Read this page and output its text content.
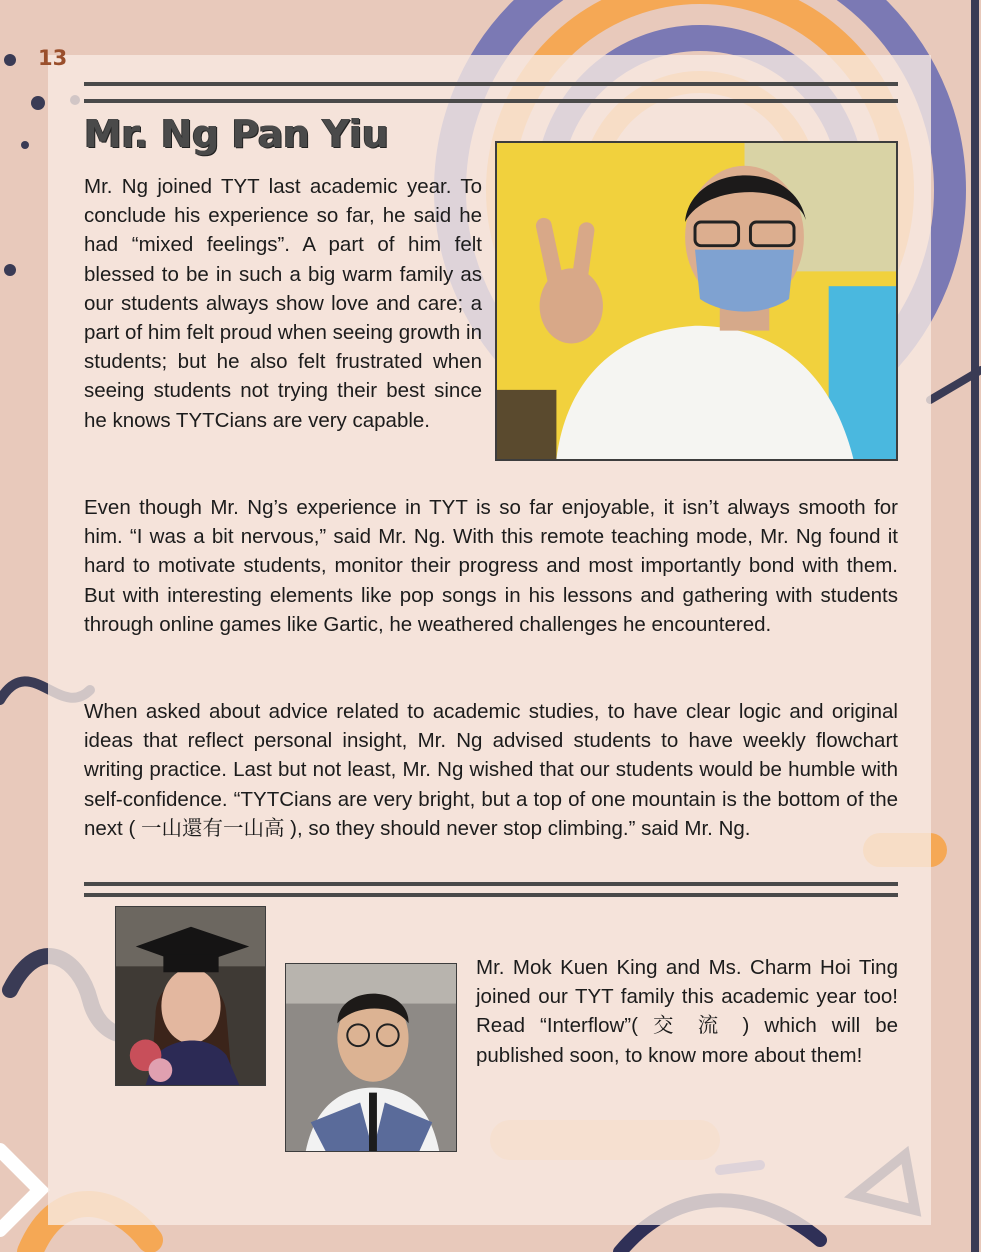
13
Mr. Ng Pan Yiu

Mr. Ng joined TYT last academic year. To conclude his experience so far, he said he had “mixed feelings”. A part of him felt blessed to be in such a big warm family as our students always show love and care; a part of him felt proud when seeing growth in students; but he also felt frustrated when seeing students not trying their best since he knows TYTCians are very capable.

Even though Mr. Ng’s experience in TYT is so far enjoyable, it isn’t always smooth for him. “I was a bit nervous,” said Mr. Ng. With this remote teaching mode, Mr. Ng found it hard to motivate students, monitor their progress and most importantly bond with them. But with interesting elements like pop songs in his lessons and gathering with students through online games like Gartic, he weathered challenges he encountered.

When asked about advice related to academic studies, to have clear logic and original ideas that reflect personal insight, Mr. Ng advised students to have weekly flowchart writing practice. Last but not least, Mr. Ng wished that our students would be humble with self-confidence. “TYTCians are very bright, but a top of one mountain is the bottom of the next ( 一山還有一山高 ), so they should never stop climbing.” said Mr. Ng.

Mr. Mok Kuen King and Ms. Charm Hoi Ting joined our TYT family this academic year too! Read “Interflow”( 交 流 ) which will be published soon, to know more about them!
